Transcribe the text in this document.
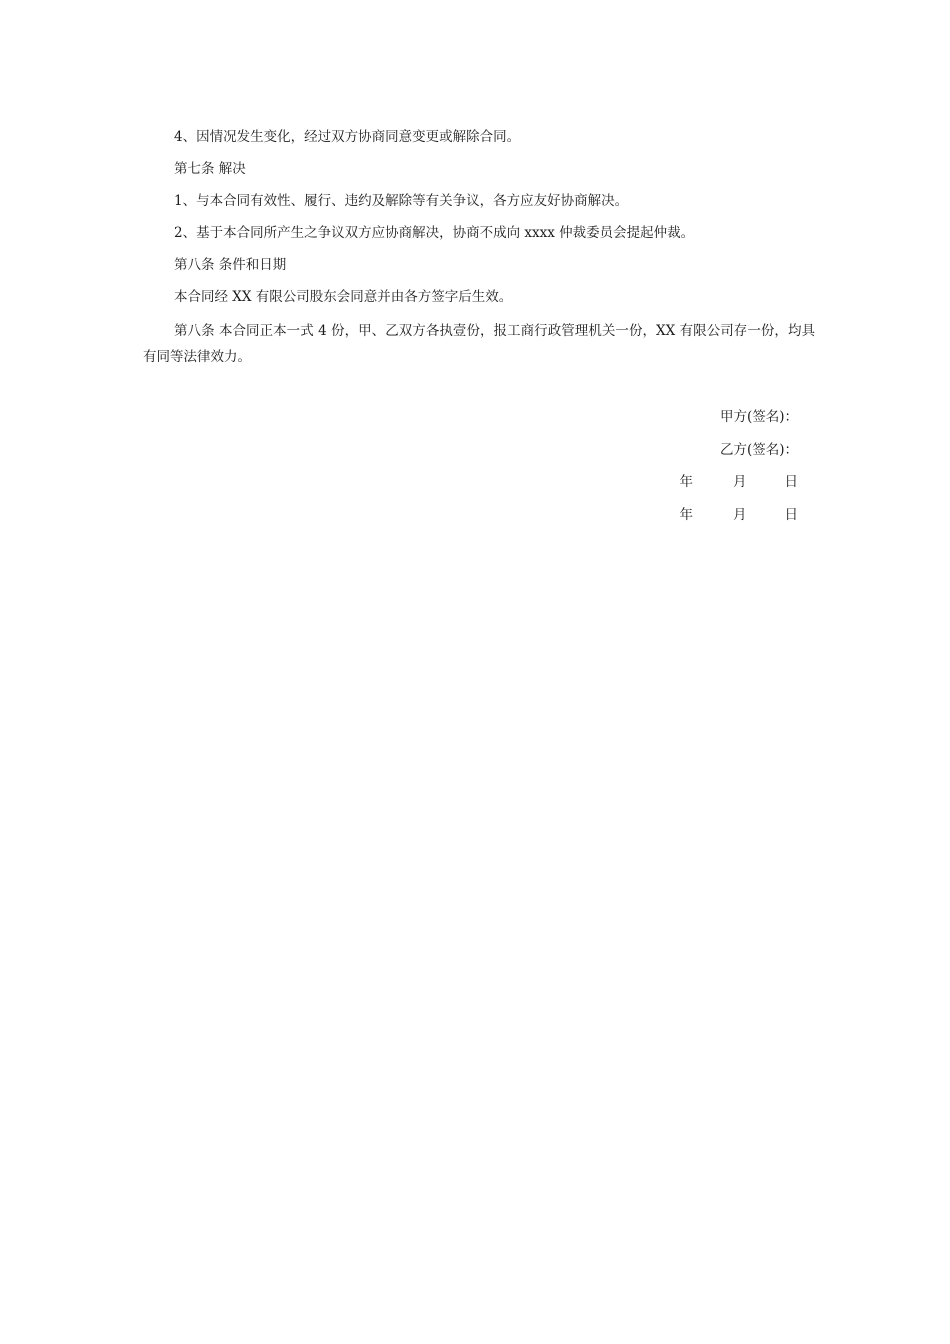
4、因情况发生变化，经过双方协商同意变更或解除合同。

第七条 解决

1、与本合同有效性、履行、违约及解除等有关争议，各方应友好协商解决。

2、基于本合同所产生之争议双方应协商解决，协商不成向 xxxx 仲裁委员会提起仲裁。

第八条 条件和日期

本合同经 XX 有限公司股东会同意并由各方签字后生效。

第八条 本合同正本一式 4 份，甲、乙双方各执壹份，报工商行政管理机关一份，XX 有限公司存一份，均具有同等法律效力。

甲方(签名)：
乙方(签名)：
年	月	日
年	月	日
